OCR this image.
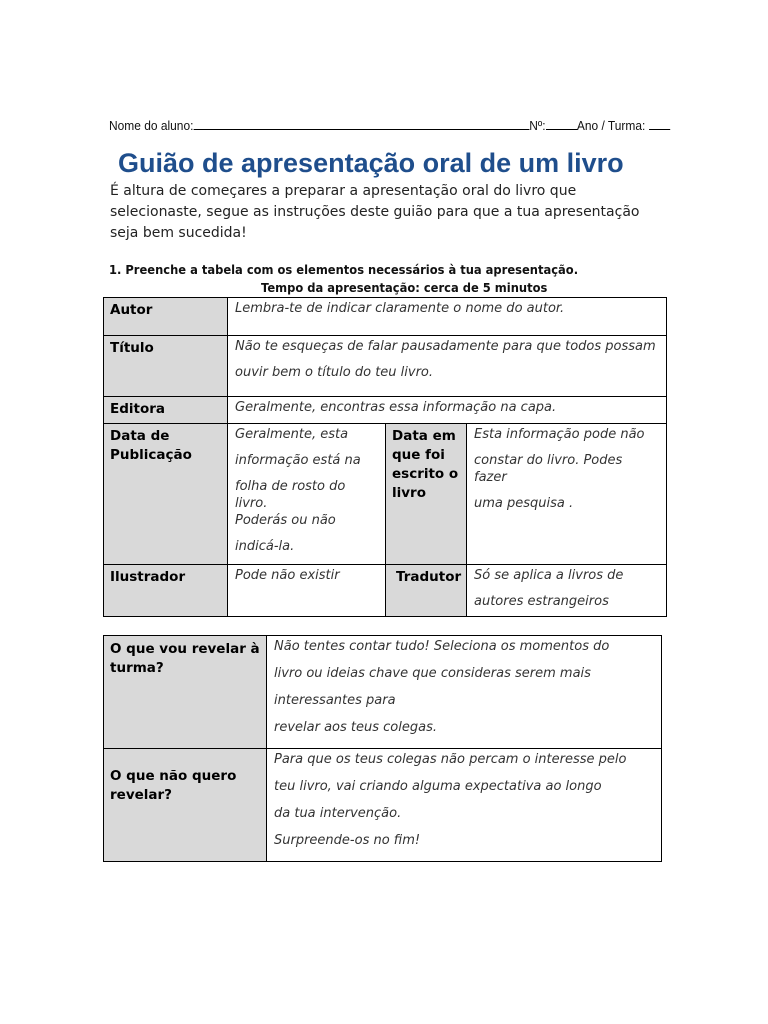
Nome do aluno:	Nº: Ano / Turma:
Guião de apresentação oral de um livro
É altura de começares a preparar a apresentação oral do livro que selecionaste, segue as instruções deste guião para que a tua apresentação seja bem sucedida!
1. Preenche a tabela com os elementos necessários à tua apresentação.
Tempo da apresentação: cerca de 5 minutos
Autor	Lembra-te de indicar claramente o nome do autor.		

Título	Não te esqueças de falar pausadamente para que todos possam
ouvir bem o título do teu livro.		

Editora	Geralmente, encontras essa informação na capa.		

Data de Publicação	Geralmente, esta
informação está na
folha de rosto do livro.
Poderás ou não
indicá-la.	Data em que foi escrito o livro	Esta informação pode não
constar do livro. Podes fazer
uma pesquisa .

Ilustrador	Pode não existir	Tradutor	Só se aplica a livros de
autores estrangeiros
O que vou revelar à turma?	Não tentes contar tudo! Seleciona os momentos do
livro ou ideias chave que consideras serem mais
interessantes para
revelar aos teus colegas.

O que não quero revelar?	Para que os teus colegas não percam o interesse pelo
teu livro, vai criando alguma expectativa ao longo
da tua intervenção.
Surpreende-os no fim!
